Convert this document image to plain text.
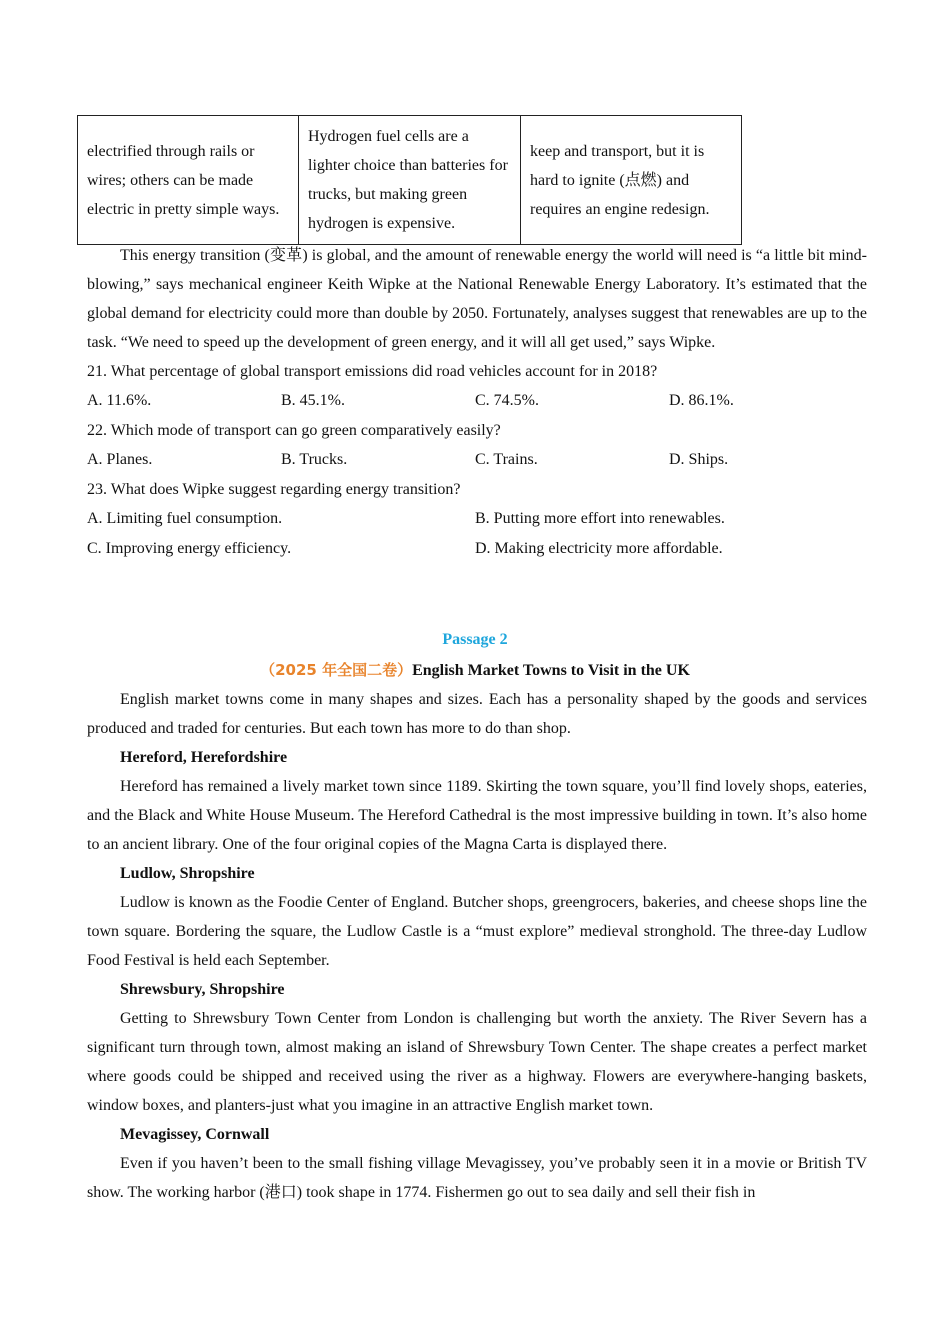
electrified through rails or wires; others can be made electric in pretty simple ways.	Hydrogen fuel cells are a lighter choice than batteries for trucks, but making green hydrogen is expensive.	keep and transport, but it is hard to ignite (点燃) and requires an engine redesign.

This energy transition (变革) is global, and the amount of renewable energy the world will need is “a little bit mind-blowing,” says mechanical engineer Keith Wipke at the National Renewable Energy Laboratory. It’s estimated that the global demand for electricity could more than double by 2050. Fortunately, analyses suggest that renewables are up to the task. “We need to speed up the development of green energy, and it will all get used,” says Wipke.

21. What percentage of global transport emissions did road vehicles account for in 2018?

A. 11.6%.	B. 45.1%.	C. 74.5%.	D. 86.1%.

22. Which mode of transport can go green comparatively easily?

A. Planes.	B. Trucks.	C. Trains.	D. Ships.

23. What does Wipke suggest regarding energy transition?

A. Limiting fuel consumption.	B. Putting more effort into renewables.
C. Improving energy efficiency.	D. Making electricity more affordable.
Passage 2
（2025 年全国二卷）English Market Towns to Visit in the UK

English market towns come in many shapes and sizes. Each has a personality shaped by the goods and services produced and traded for centuries. But each town has more to do than shop.

Hereford, Herefordshire

Hereford has remained a lively market town since 1189. Skirting the town square, you’ll find lovely shops, eateries, and the Black and White House Museum. The Hereford Cathedral is the most impressive building in town. It’s also home to an ancient library. One of the four original copies of the Magna Carta is displayed there.

Ludlow, Shropshire

Ludlow is known as the Foodie Center of England. Butcher shops, greengrocers, bakeries, and cheese shops line the town square. Bordering the square, the Ludlow Castle is a “must explore” medieval stronghold. The three-day Ludlow Food Festival is held each September.

Shrewsbury, Shropshire

Getting to Shrewsbury Town Center from London is challenging but worth the anxiety. The River Severn has a significant turn through town, almost making an island of Shrewsbury Town Center. The shape creates a perfect market where goods could be shipped and received using the river as a highway. Flowers are everywhere-hanging baskets, window boxes, and planters-just what you imagine in an attractive English market town.

Mevagissey, Cornwall

Even if you haven’t been to the small fishing village Mevagissey, you’ve probably seen it in a movie or British TV show. The working harbor (港口) took shape in 1774. Fishermen go out to sea daily and sell their fish in
